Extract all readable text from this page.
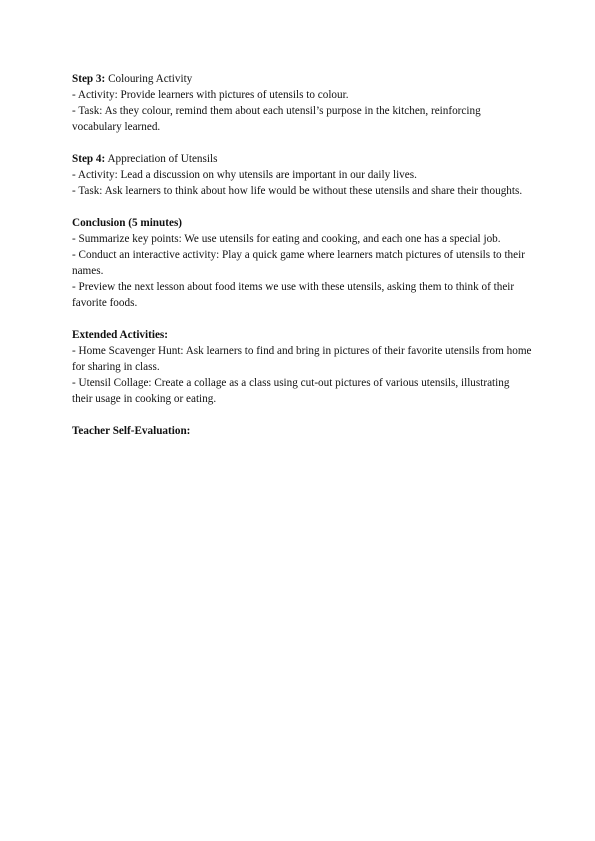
Step 3: Colouring Activity
- Activity: Provide learners with pictures of utensils to colour.
- Task: As they colour, remind them about each utensil’s purpose in the kitchen, reinforcing vocabulary learned.
Step 4: Appreciation of Utensils
- Activity: Lead a discussion on why utensils are important in our daily lives.
- Task: Ask learners to think about how life would be without these utensils and share their thoughts.
Conclusion (5 minutes)
- Summarize key points: We use utensils for eating and cooking, and each one has a special job.
- Conduct an interactive activity: Play a quick game where learners match pictures of utensils to their names.
- Preview the next lesson about food items we use with these utensils, asking them to think of their favorite foods.
Extended Activities:
- Home Scavenger Hunt: Ask learners to find and bring in pictures of their favorite utensils from home for sharing in class.
- Utensil Collage: Create a collage as a class using cut-out pictures of various utensils, illustrating their usage in cooking or eating.
Teacher Self-Evaluation:
